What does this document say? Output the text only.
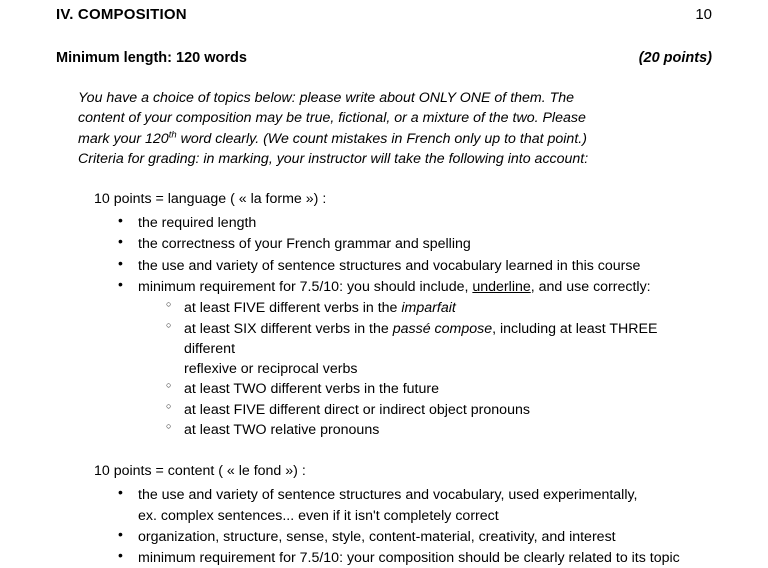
IV. COMPOSITION	10
Minimum length: 120 words	(20 points)
You have a choice of topics below: please write about ONLY ONE of them. The
content of your composition may be true, fictional, or a mixture of the two. Please
mark your 120th word clearly. (We count mistakes in French only up to that point.)
Criteria for grading: in marking, your instructor will take the following into account:
10 points = language ( « la forme ») :
• the required length
• the correctness of your French grammar and spelling
• the use and variety of sentence structures and vocabulary learned in this course
• minimum requirement for 7.5/10: you should include, underline, and use correctly:
○ at least FIVE different verbs in the imparfait
○ at least SIX different verbs in the passé compose, including at least THREE different
reflexive or reciprocal verbs
○ at least TWO different verbs in the future
○ at least FIVE different direct or indirect object pronouns
○ at least TWO relative pronouns
10 points = content ( « le fond ») :
• the use and variety of sentence structures and vocabulary, used experimentally,
ex. complex sentences... even if it isn't completely correct
• organization, structure, sense, style, content-material, creativity, and interest
• minimum requirement for 7.5/10: your composition should be clearly related to its topic
